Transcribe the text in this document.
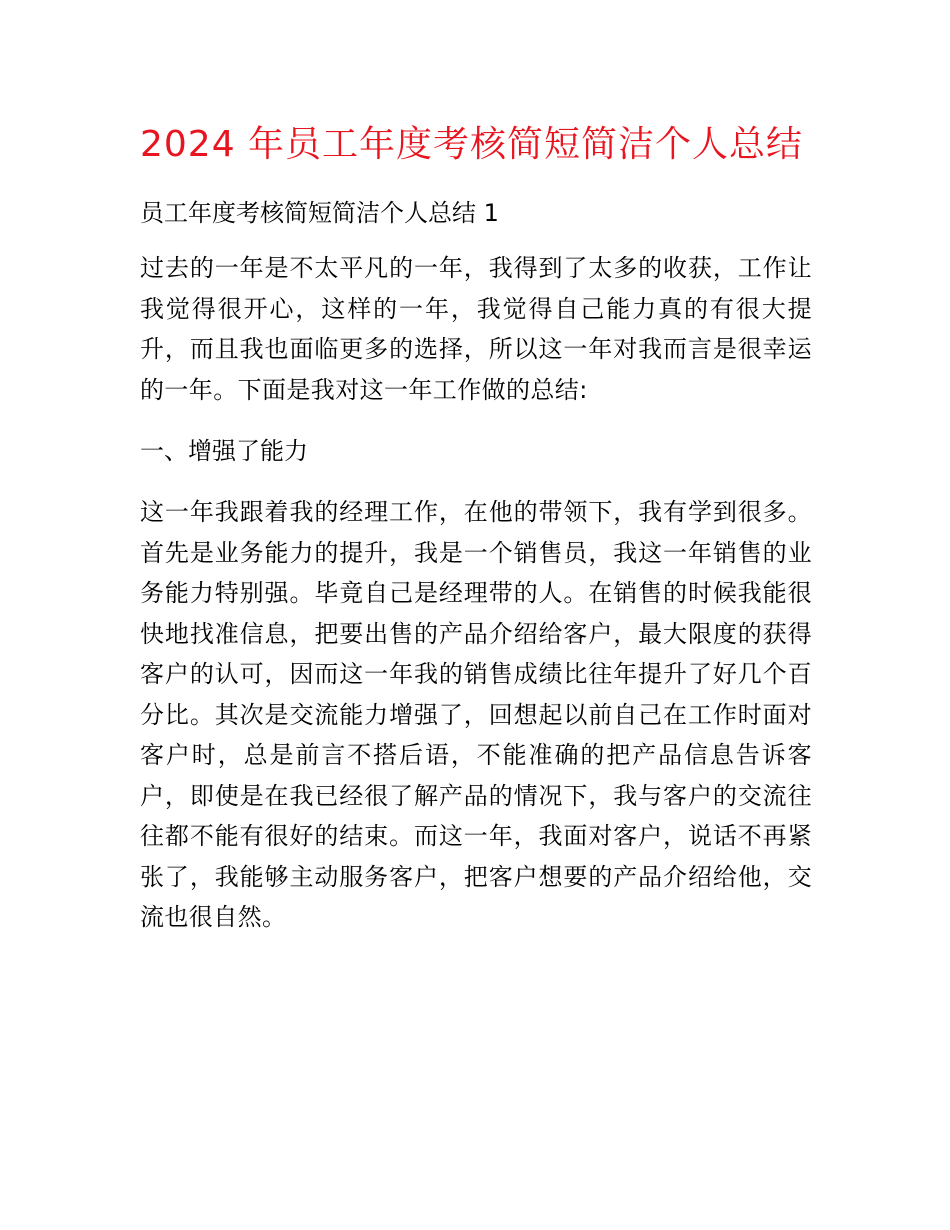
2024 年员工年度考核简短简洁个人总结

员工年度考核简短简洁个人总结 1

过去的一年是不太平凡的一年，我得到了太多的收获，工作让我觉得很开心，这样的一年，我觉得自己能力真的有很大提升，而且我也面临更多的选择，所以这一年对我而言是很幸运的一年。下面是我对这一年工作做的总结:

一、增强了能力

这一年我跟着我的经理工作，在他的带领下，我有学到很多。首先是业务能力的提升，我是一个销售员，我这一年销售的业务能力特别强。毕竟自己是经理带的人。在销售的时候我能很快地找准信息，把要出售的产品介绍给客户，最大限度的获得客户的认可，因而这一年我的销售成绩比往年提升了好几个百分比。其次是交流能力增强了，回想起以前自己在工作时面对客户时，总是前言不搭后语，不能准确的把产品信息告诉客户，即使是在我已经很了解产品的情况下，我与客户的交流往往都不能有很好的结束。而这一年，我面对客户，说话不再紧张了，我能够主动服务客户，把客户想要的产品介绍给他，交流也很自然。
